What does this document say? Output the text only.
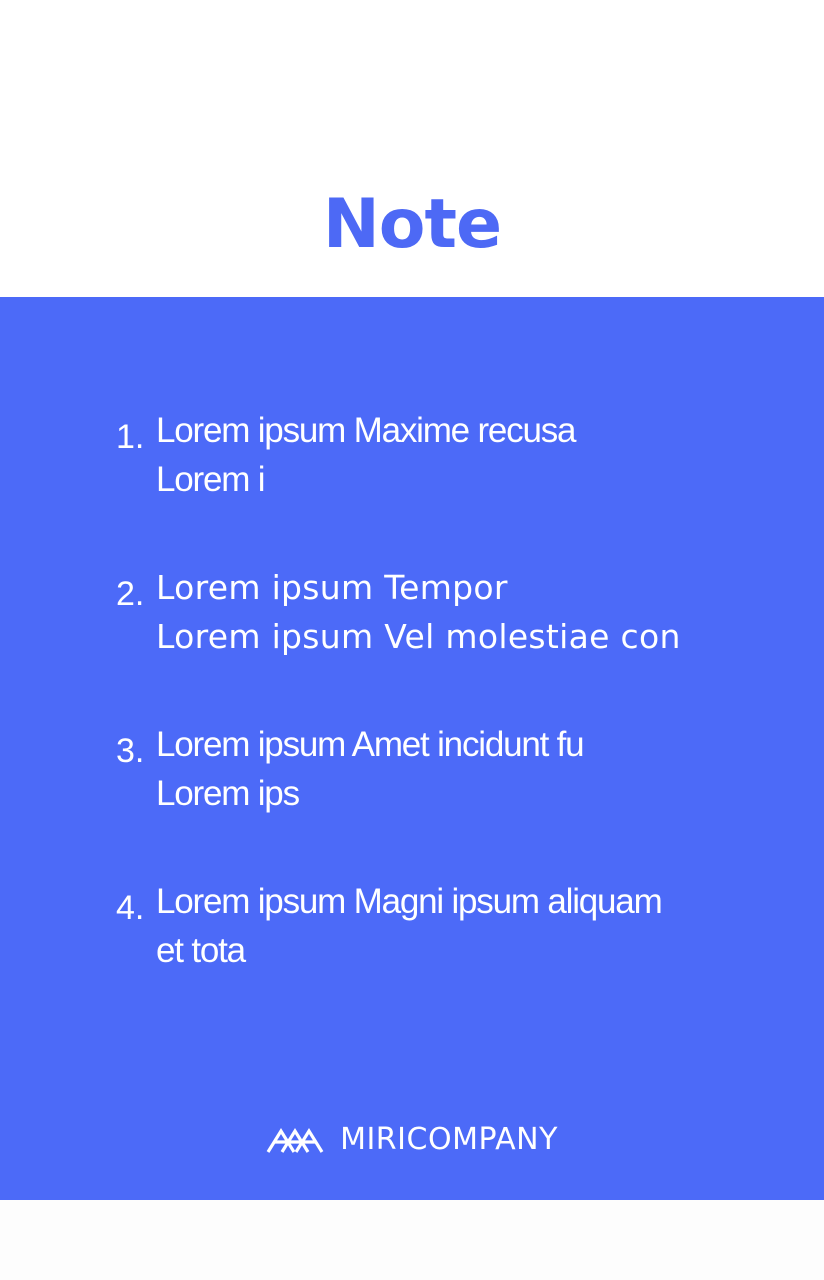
Note
1. Lorem ipsum Maxime recusa
Lorem i
2. Lorem ipsum Tempor
Lorem ipsum Vel molestiae con
3. Lorem ipsum Amet incidunt fu
Lorem ips
4. Lorem ipsum Magni ipsum aliquam
et tota
MIRICOMPANY
